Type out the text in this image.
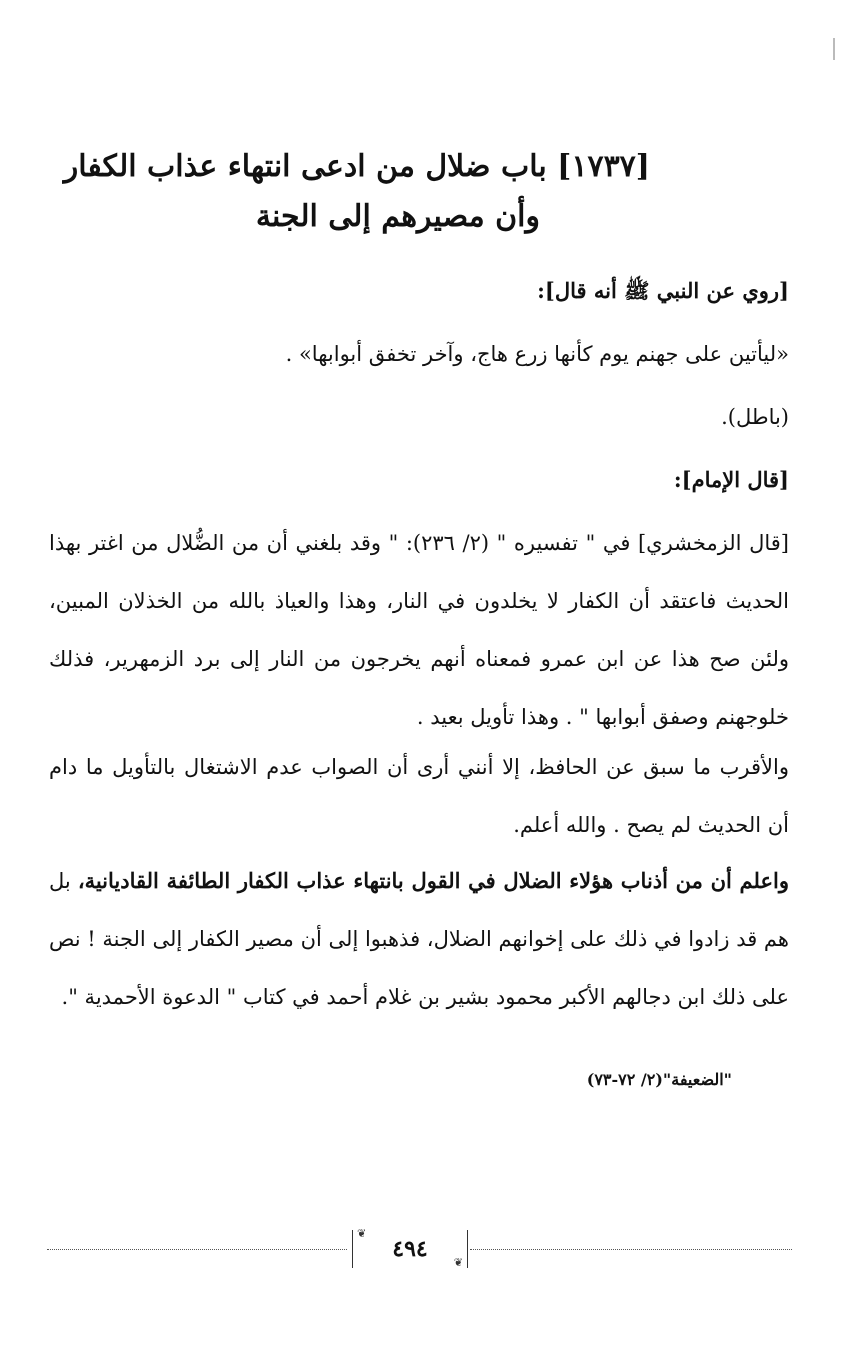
[١٧٣٧] باب ضلال من ادعى انتهاء عذاب الكفار
وأن مصيرهم إلى الجنة
[روي عن النبي ﷺ أنه قال]:
«ليأتين على جهنم يوم كأنها زرع هاج، وآخر تخفق أبوابها» .
(باطل).
[قال الإمام]:
[قال الزمخشري] في " تفسيره " (٢/ ٢٣٦): " وقد بلغني أن من الضُّلال من اغتر بهذا الحديث فاعتقد أن الكفار لا يخلدون في النار، وهذا والعياذ بالله من الخذلان المبين، ولئن صح هذا عن ابن عمرو فمعناه أنهم يخرجون من النار إلى برد الزمهرير، فذلك خلوجهنم وصفق أبوابها " . وهذا تأويل بعيد .
والأقرب ما سبق عن الحافظ، إلا أنني أرى أن الصواب عدم الاشتغال بالتأويل ما دام أن الحديث لم يصح . والله أعلم.
واعلم أن من أذناب هؤلاء الضلال في القول بانتهاء عذاب الكفار الطائفة القاديانية، بل هم قد زادوا في ذلك على إخوانهم الضلال، فذهبوا إلى أن مصير الكفار إلى الجنة ! نص على ذلك ابن دجالهم الأكبر محمود بشير بن غلام أحمد في كتاب " الدعوة الأحمدية ".
"الضعيفة"(٢/ ٧٢-٧٣)
❦
٤٩٤
❦
